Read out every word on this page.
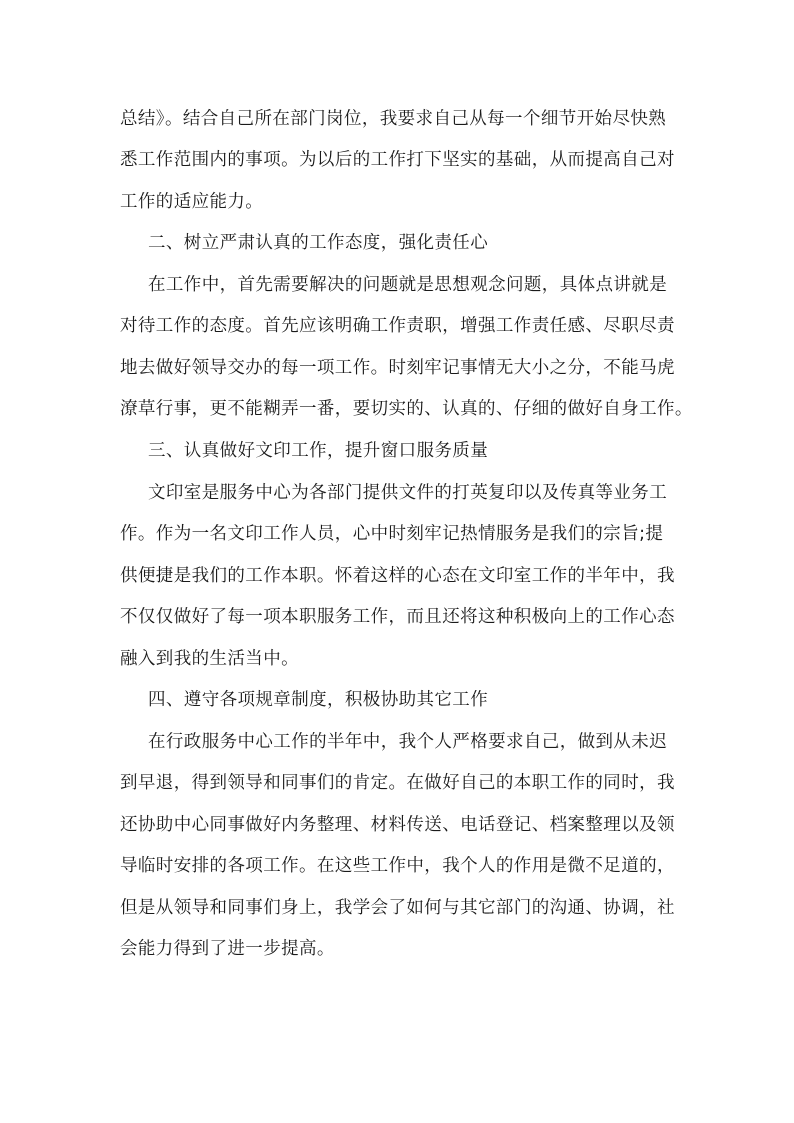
总结》。结合自己所在部门岗位，我要求自己从每一个细节开始尽快熟
悉工作范围内的事项。为以后的工作打下坚实的基础，从而提高自己对
工作的适应能力。
二、树立严肃认真的工作态度，强化责任心
在工作中，首先需要解决的问题就是思想观念问题，具体点讲就是
对待工作的态度。首先应该明确工作责职，增强工作责任感、尽职尽责
地去做好领导交办的每一项工作。时刻牢记事情无大小之分，不能马虎
潦草行事，更不能糊弄一番，要切实的、认真的、仔细的做好自身工作。
三、认真做好文印工作，提升窗口服务质量
文印室是服务中心为各部门提供文件的打英复印以及传真等业务工
作。作为一名文印工作人员，心中时刻牢记热情服务是我们的宗旨;提
供便捷是我们的工作本职。怀着这样的心态在文印室工作的半年中，我
不仅仅做好了每一项本职服务工作，而且还将这种积极向上的工作心态
融入到我的生活当中。
四、遵守各项规章制度，积极协助其它工作
在行政服务中心工作的半年中，我个人严格要求自己，做到从未迟
到早退，得到领导和同事们的肯定。在做好自己的本职工作的同时，我
还协助中心同事做好内务整理、材料传送、电话登记、档案整理以及领
导临时安排的各项工作。在这些工作中，我个人的作用是微不足道的，
但是从领导和同事们身上，我学会了如何与其它部门的沟通、协调，社
会能力得到了进一步提高。
